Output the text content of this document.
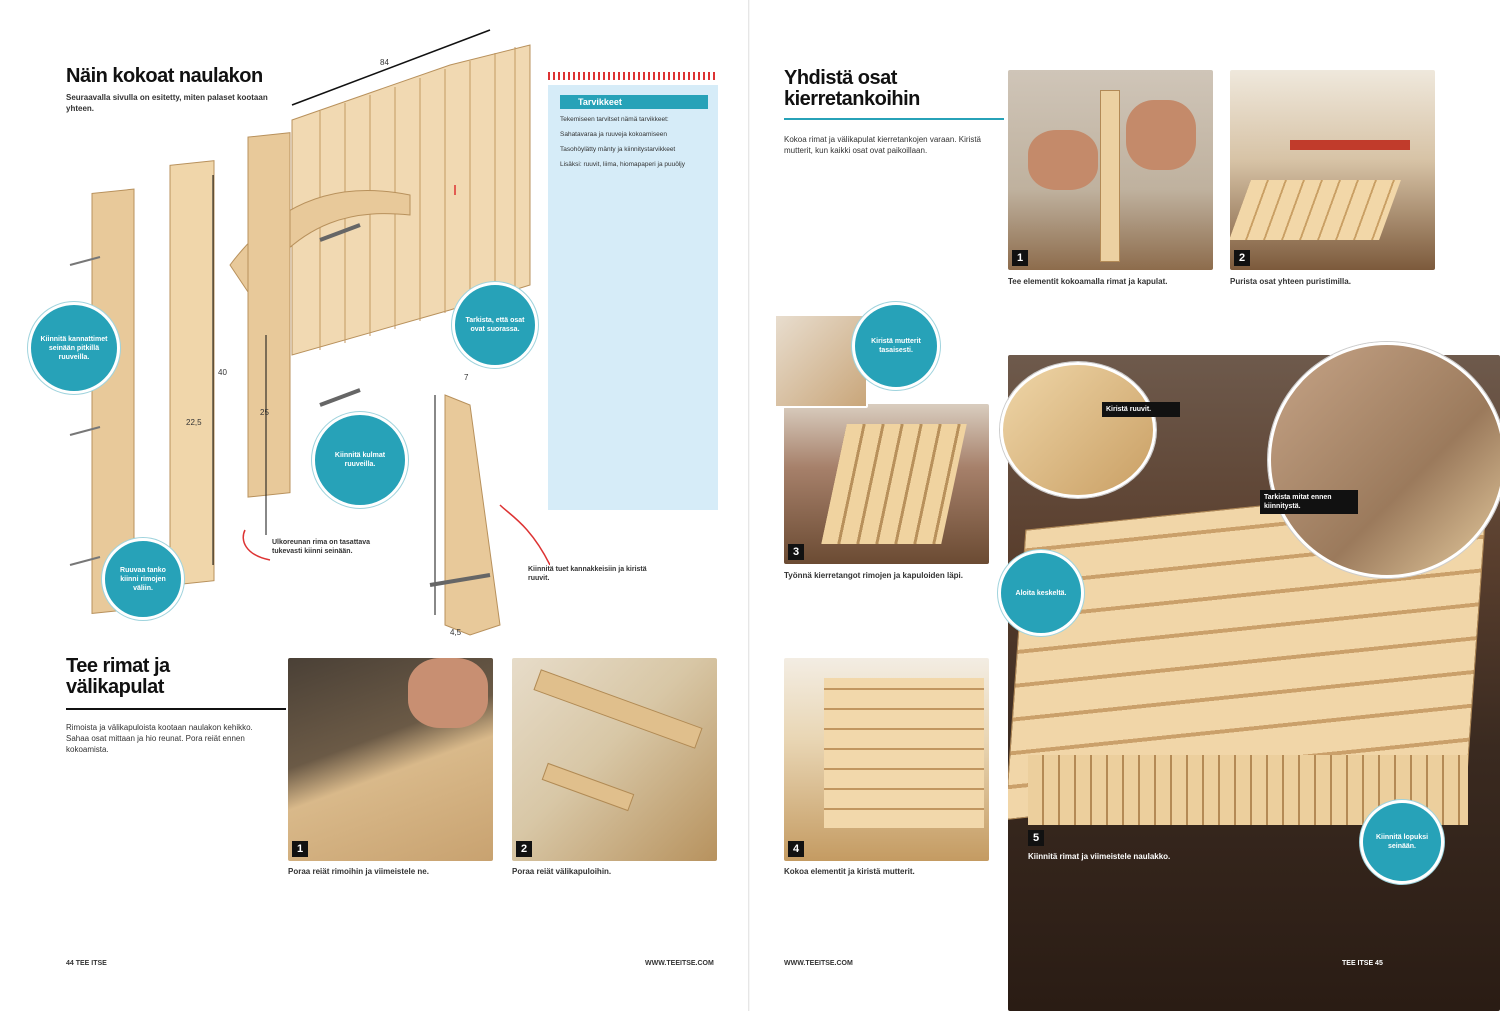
Näin kokoat naulakon
Seuraavalla sivulla on esitetty, miten palaset kootaan yhteen.
84
40
22,5
25
7
4,5
Tarvikkeet

Tekemiseen tarvitset nämä tarvikkeet:

Sahatavaraa ja ruuveja kokoamiseen

Tasohöylätty mänty ja kiinnitystarvikkeet

Lisäksi: ruuvit, liima, hiomapaperi ja puuöljy

Kiinnitä kannattimet seinään pitkillä ruuveilla.
Ruuvaa tanko kiinni rimojen väliin.
Kiinnitä kulmat ruuveilla.
Tarkista, että osat ovat suorassa.
Ulkoreunan rima on tasattava tukevasti kiinni seinään.
Kiinnitä tuet kannakkeisiin ja kiristä ruuvit.
Tee rimat ja
välikapulat
Rimoista ja välikapuloista kootaan naulakon kehikko. Sahaa osat mittaan ja hio reunat. Pora reiät ennen kokoamista.
1
Poraa reiät rimoihin ja viimeistele ne.
2
Poraa reiät välikapuloihin.
44 TEE ITSE	WWW.TEEITSE.COM
Yhdistä osat
kierretankoihin
Kokoa rimat ja välikapulat kierretankojen varaan. Kiristä mutterit, kun kaikki osat ovat paikoillaan.
1
Tee elementit kokoamalla rimat ja kapulat.
2
Purista osat yhteen puristimilla.
3
Kiristä mutterit tasaisesti.
Työnnä kierretangot rimojen ja kapuloiden läpi.
4
Kokoa elementit ja kiristä mutterit.
5
Kiinnitä rimat ja viimeistele naulakko.
Kiristä ruuvit.
Tarkista mitat ennen kiinnitystä.
Aloita keskeltä.
Kiinnitä lopuksi seinään.
WWW.TEEITSE.COM	TEE ITSE 45
